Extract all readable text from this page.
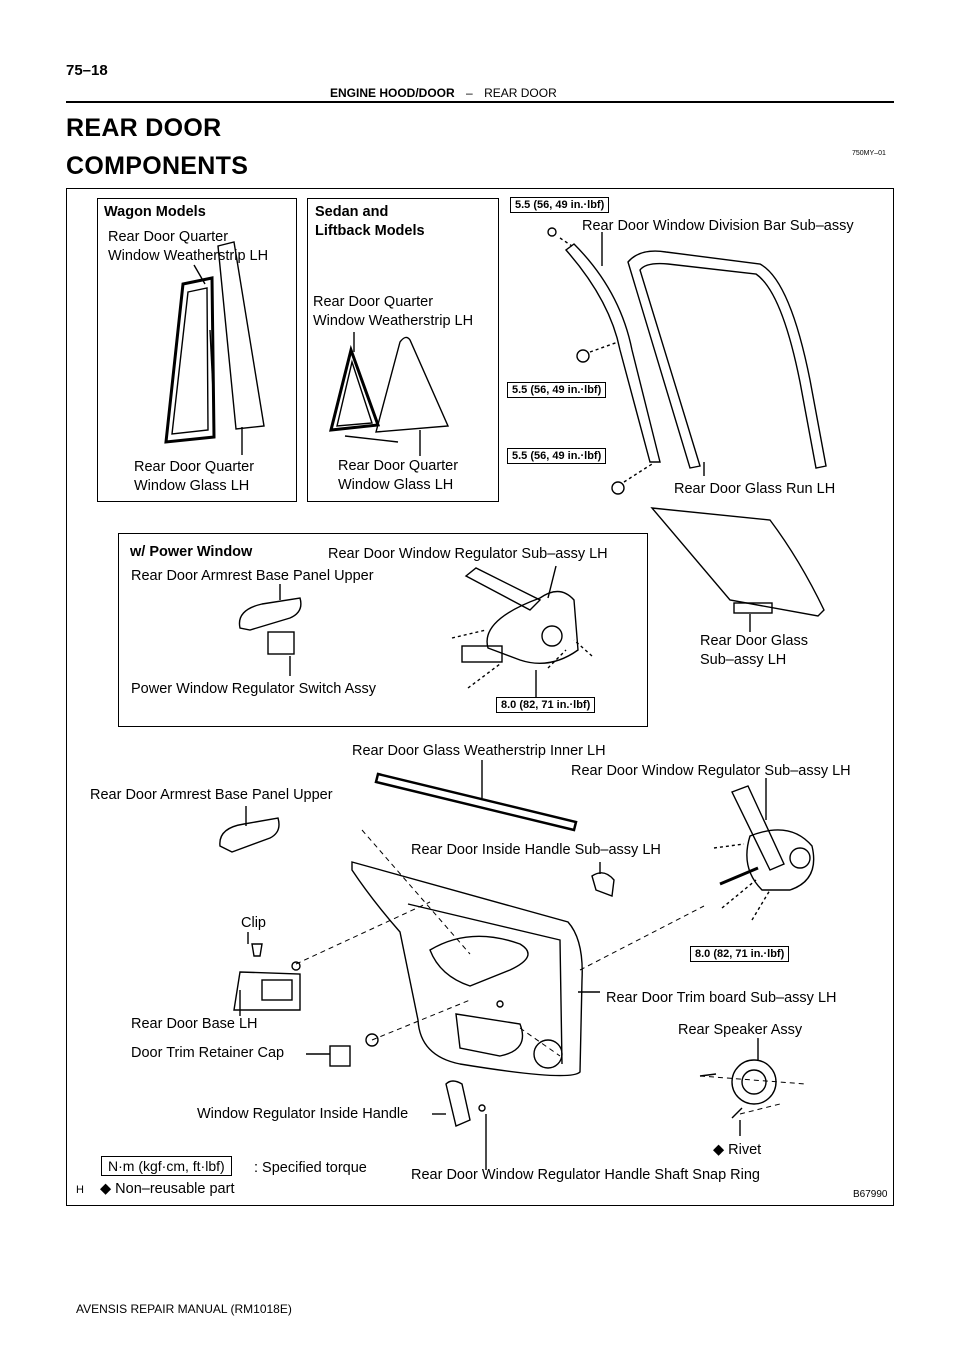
75–18
ENGINE HOOD/DOOR – REAR DOOR
REAR DOOR
COMPONENTS	750MY–01
Wagon Models
Rear Door Quarter
Window Weatherstrip LH
Rear Door Quarter
Window Glass LH
Sedan and
Liftback Models
Rear Door Quarter
Window Weatherstrip LH
Rear Door Quarter
Window Glass LH
5.5 (56, 49 in.·lbf)
Rear Door Window Division Bar Sub–assy
5.5 (56, 49 in.·lbf)
5.5 (56, 49 in.·lbf)
Rear Door Glass Run LH
Rear Door Glass
Sub–assy LH
w/ Power Window	Rear Door Window Regulator Sub–assy LH
Rear Door Armrest Base Panel Upper
Power Window Regulator Switch Assy
8.0 (82, 71 in.·lbf)
Rear Door Glass Weatherstrip Inner LH
Rear Door Window Regulator Sub–assy LH
Rear Door Armrest Base Panel Upper
Rear Door Inside Handle Sub–assy LH
Clip
8.0 (82, 71 in.·lbf)
Rear Door Trim board Sub–assy LH
Rear Door Base LH	Rear Speaker Assy
Door Trim Retainer Cap
Window Regulator Inside Handle
◆ Rivet
Rear Door Window Regulator Handle Shaft Snap Ring
N·m (kgf·cm, ft·lbf)	: Specified torque
H ◆ Non–reusable part	B67990
AVENSIS REPAIR MANUAL (RM1018E)
